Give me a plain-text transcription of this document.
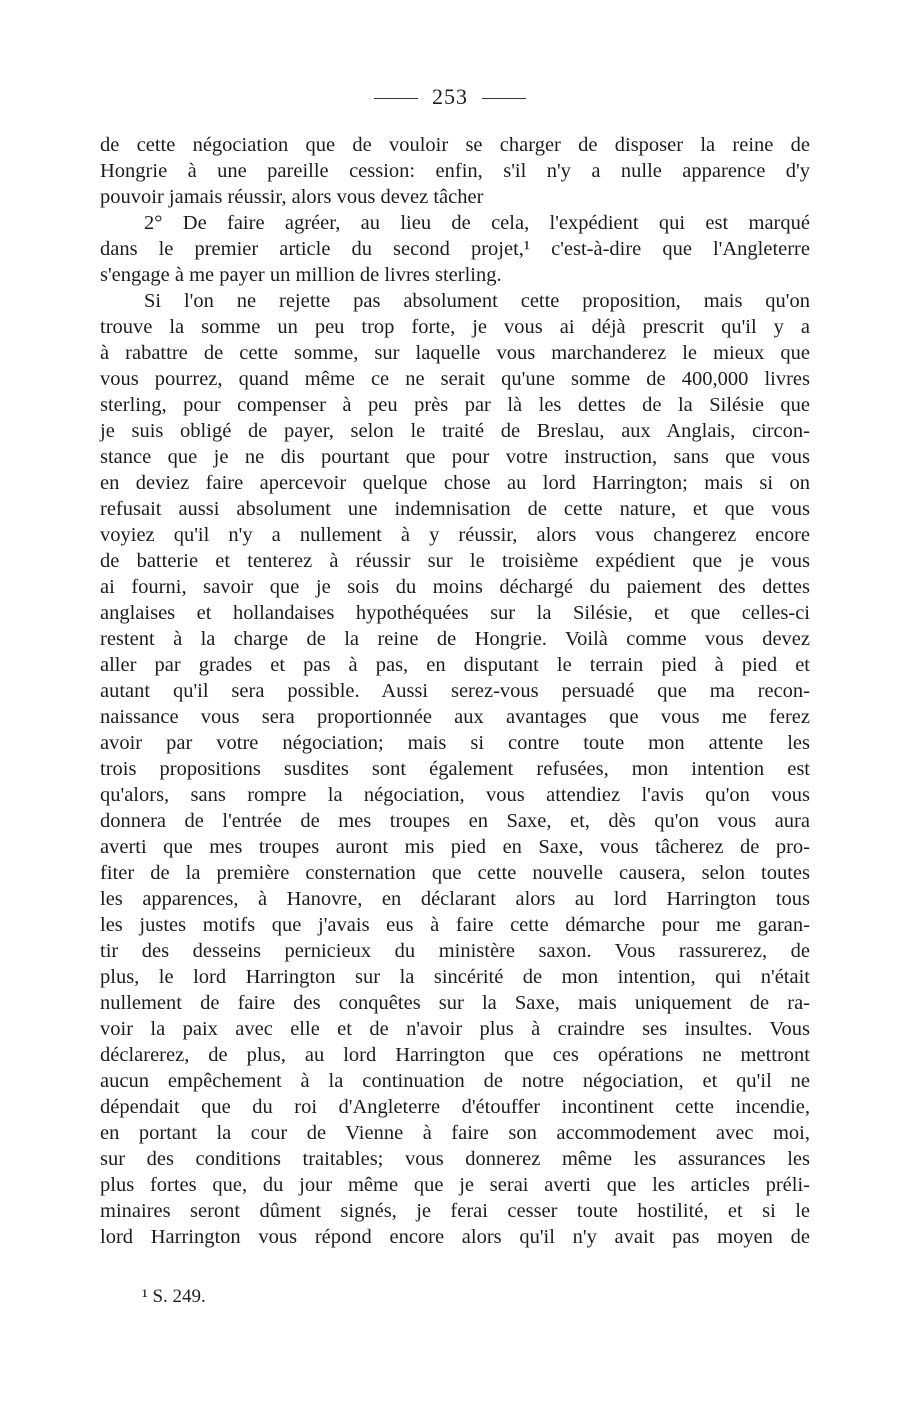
253
de cette négociation que de vouloir se charger de disposer la reine de
Hongrie à une pareille cession: enfin, s'il n'y a nulle apparence d'y
pouvoir jamais réussir, alors vous devez tâcher
2° De faire agréer, au lieu de cela, l'expédient qui est marqué
dans le premier article du second projet,¹ c'est-à-dire que l'Angleterre
s'engage à me payer un million de livres sterling.
Si l'on ne rejette pas absolument cette proposition, mais qu'on
trouve la somme un peu trop forte, je vous ai déjà prescrit qu'il y a
à rabattre de cette somme, sur laquelle vous marchanderez le mieux que
vous pourrez, quand même ce ne serait qu'une somme de 400,000 livres
sterling, pour compenser à peu près par là les dettes de la Silésie que
je suis obligé de payer, selon le traité de Breslau, aux Anglais, circon-
stance que je ne dis pourtant que pour votre instruction, sans que vous
en deviez faire apercevoir quelque chose au lord Harrington; mais si on
refusait aussi absolument une indemnisation de cette nature, et que vous
voyiez qu'il n'y a nullement à y réussir, alors vous changerez encore
de batterie et tenterez à réussir sur le troisième expédient que je vous
ai fourni, savoir que je sois du moins déchargé du paiement des dettes
anglaises et hollandaises hypothéquées sur la Silésie, et que celles-ci
restent à la charge de la reine de Hongrie. Voilà comme vous devez
aller par grades et pas à pas, en disputant le terrain pied à pied et
autant qu'il sera possible. Aussi serez-vous persuadé que ma recon-
naissance vous sera proportionnée aux avantages que vous me ferez
avoir par votre négociation; mais si contre toute mon attente les
trois propositions susdites sont également refusées, mon intention est
qu'alors, sans rompre la négociation, vous attendiez l'avis qu'on vous
donnera de l'entrée de mes troupes en Saxe, et, dès qu'on vous aura
averti que mes troupes auront mis pied en Saxe, vous tâcherez de pro-
fiter de la première consternation que cette nouvelle causera, selon toutes
les apparences, à Hanovre, en déclarant alors au lord Harrington tous
les justes motifs que j'avais eus à faire cette démarche pour me garan-
tir des desseins pernicieux du ministère saxon. Vous rassurerez, de
plus, le lord Harrington sur la sincérité de mon intention, qui n'était
nullement de faire des conquêtes sur la Saxe, mais uniquement de ra-
voir la paix avec elle et de n'avoir plus à craindre ses insultes. Vous
déclarerez, de plus, au lord Harrington que ces opérations ne mettront
aucun empêchement à la continuation de notre négociation, et qu'il ne
dépendait que du roi d'Angleterre d'étouffer incontinent cette incendie,
en portant la cour de Vienne à faire son accommodement avec moi,
sur des conditions traitables; vous donnerez même les assurances les
plus fortes que, du jour même que je serai averti que les articles préli-
minaires seront dûment signés, je ferai cesser toute hostilité, et si le
lord Harrington vous répond encore alors qu'il n'y avait pas moyen de
¹ S. 249.
